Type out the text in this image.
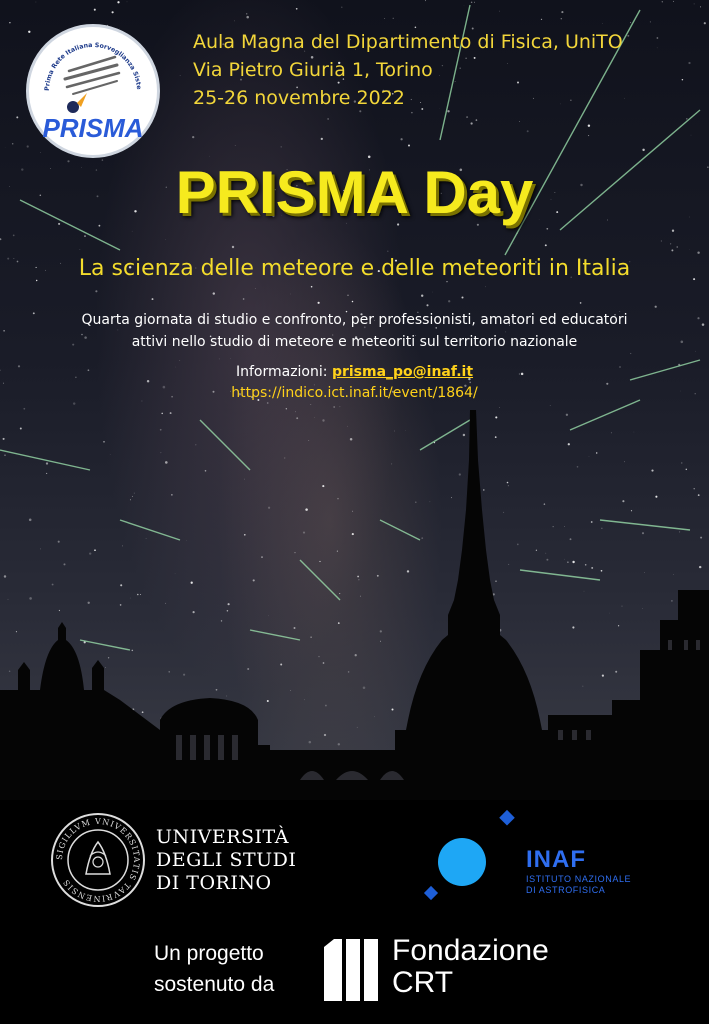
Prima Rete Italiana Sorveglianza Siste
PRISMA
Aula Magna del Dipartimento di Fisica, UniTO
Via Pietro Giuria 1, Torino
25-26 novembre 2022
PRISMA Day
La scienza delle meteore e delle meteoriti in Italia
Quarta giornata di studio e confronto, per professionisti, amatori ed educatori
attivi nello studio di meteore e meteoriti sul territorio nazionale
Informazioni: prisma_po@inaf.it
https://indico.ict.inaf.it/event/1864/
SIGILLVM VNIVERSITATIS TAVRINENSIS
UNIVERSITÀ
DEGLI STUDI
DI TORINO
INAF
ISTITUTO NAZIONALE
DI ASTROFISICA
Un progetto
sostenuto da
Fondazione
CRT
